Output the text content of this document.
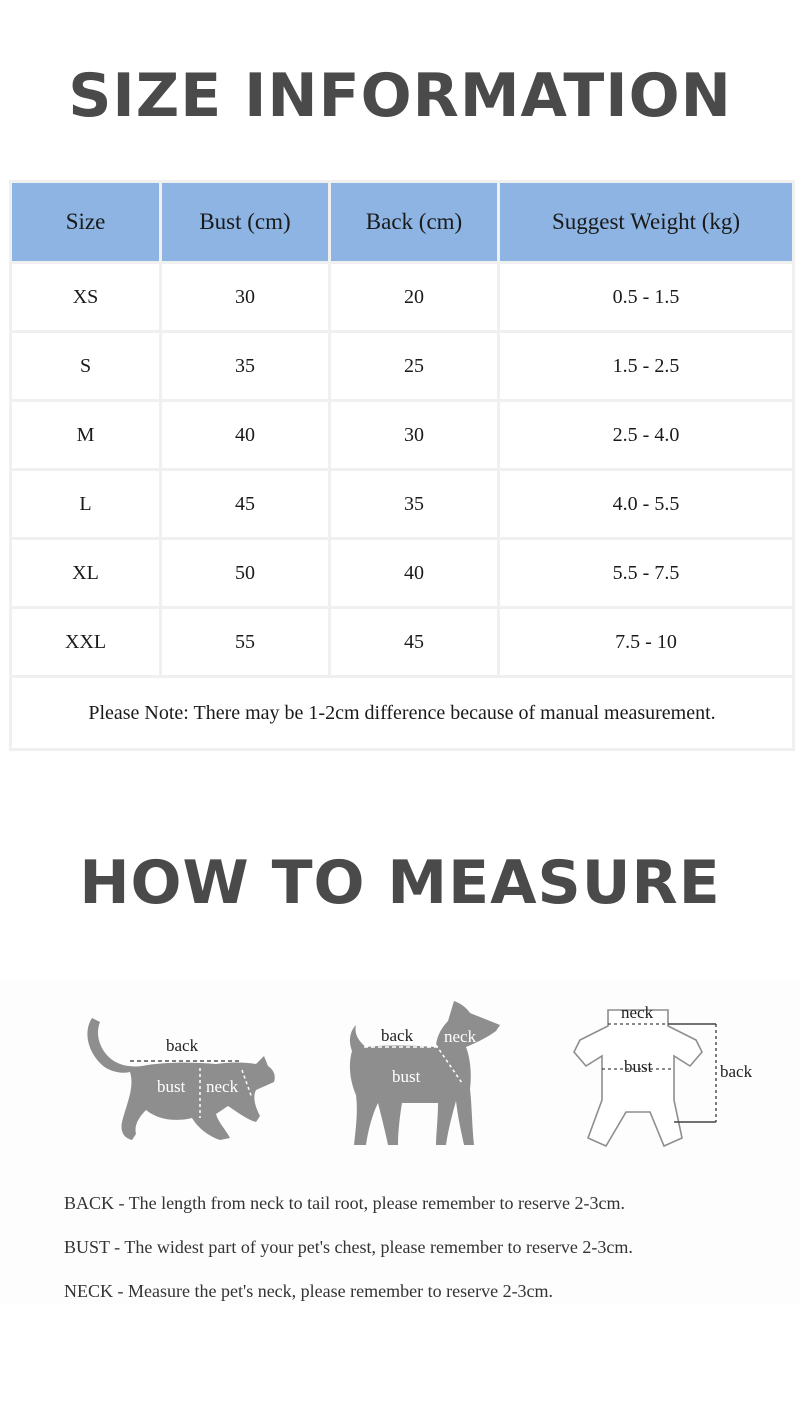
SIZE INFORMATION
Size	Bust (cm)	Back (cm)	Suggest Weight (kg)
XS	30	20	0.5 - 1.5
S	35	25	1.5 - 2.5
M	40	30	2.5 - 4.0
L	45	35	4.0 - 5.5
XL	50	40	5.5 - 7.5
XXL	55	45	7.5 - 10
Please Note: There may be 1-2cm difference because of manual measurement.			
HOW TO MEASURE
back
bust neck
back neck
bust
neck
bust	back

BACK - The length from neck to tail root, please remember to reserve 2-3cm.

BUST - The widest part of your pet's chest, please remember to reserve 2-3cm.

NECK - Measure the pet's neck, please remember to reserve 2-3cm.
